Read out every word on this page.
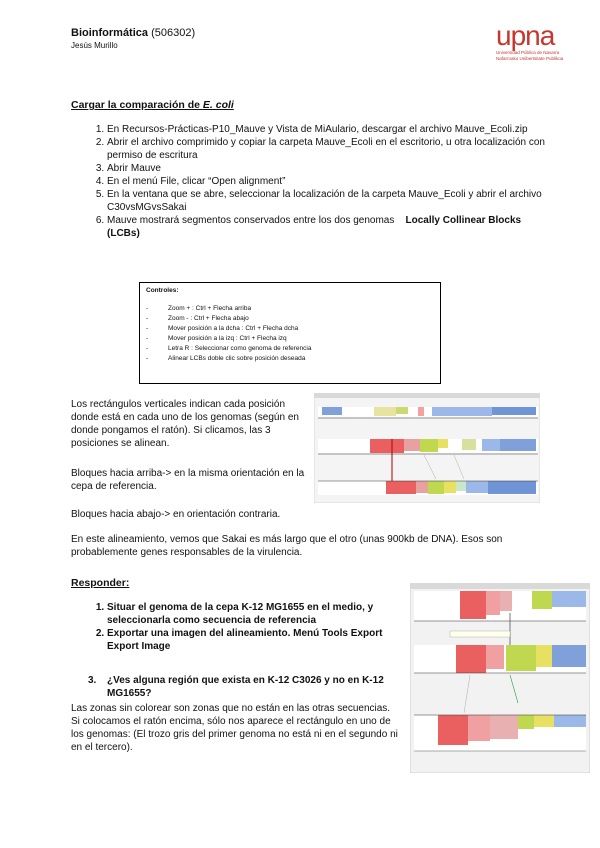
Bioinformática (506302)
Jesús Murillo	upna
Universidad Pública de Navarra
Nafarroako Unibertsitate Publikoa
Cargar la comparación de E. coli
1. En Recursos-Prácticas-P10_Mauve y Vista de MiAulario, descargar el archivo Mauve_Ecoli.zip
2. Abrir el archivo comprimido y copiar la carpeta Mauve_Ecoli en el escritorio, u otra localización con permiso de escritura
3. Abrir Mauve
4. En el menú File, clicar “Open alignment”
5. En la ventana que se abre, seleccionar la localización de la carpeta Mauve_Ecoli y abrir el archivo C30vsMGvsSakai
6. Mauve mostrará segmentos conservados entre los dos genomas Locally Collinear Blocks (LCBs)
Controles:
-	Zoom + : Ctrl + Flecha arriba
-	Zoom - : Ctrl + Flecha abajo
-	Mover posición a la dcha : Ctrl + Flecha dcha
-	Mover posición a la izq : Ctrl + Flecha izq
-	Letra R : Seleccionar como genoma de referencia
-	Alinear LCBs doble clic sobre posición deseada
Los rectángulos verticales indican cada posición donde está en cada uno de los genomas (según en donde pongamos el ratón). Si clicamos, las 3 posiciones se alinean.
Bloques hacia arriba-> en la misma orientación en la cepa de referencia.
Bloques hacia abajo-> en orientación contraria.
En este alineamiento, vemos que Sakai es más largo que el otro (unas 900kb de DNA). Esos son probablemente genes responsables de la virulencia.
Responder:
1. Situar el genoma de la cepa K-12 MG1655 en el medio, y seleccionarla como secuencia de referencia
2. Exportar una imagen del alineamiento. Menú Tools Export Export Image
3. ¿Ves alguna región que exista en K-12 C3026 y no en K-12 MG1655?
Las zonas sin colorear son zonas que no están en las otras secuencias. Si colocamos el ratón encima, sólo nos aparece el rectángulo en uno de los genomas: (El trozo gris del primer genoma no está ni en el segundo ni en el tercero).
